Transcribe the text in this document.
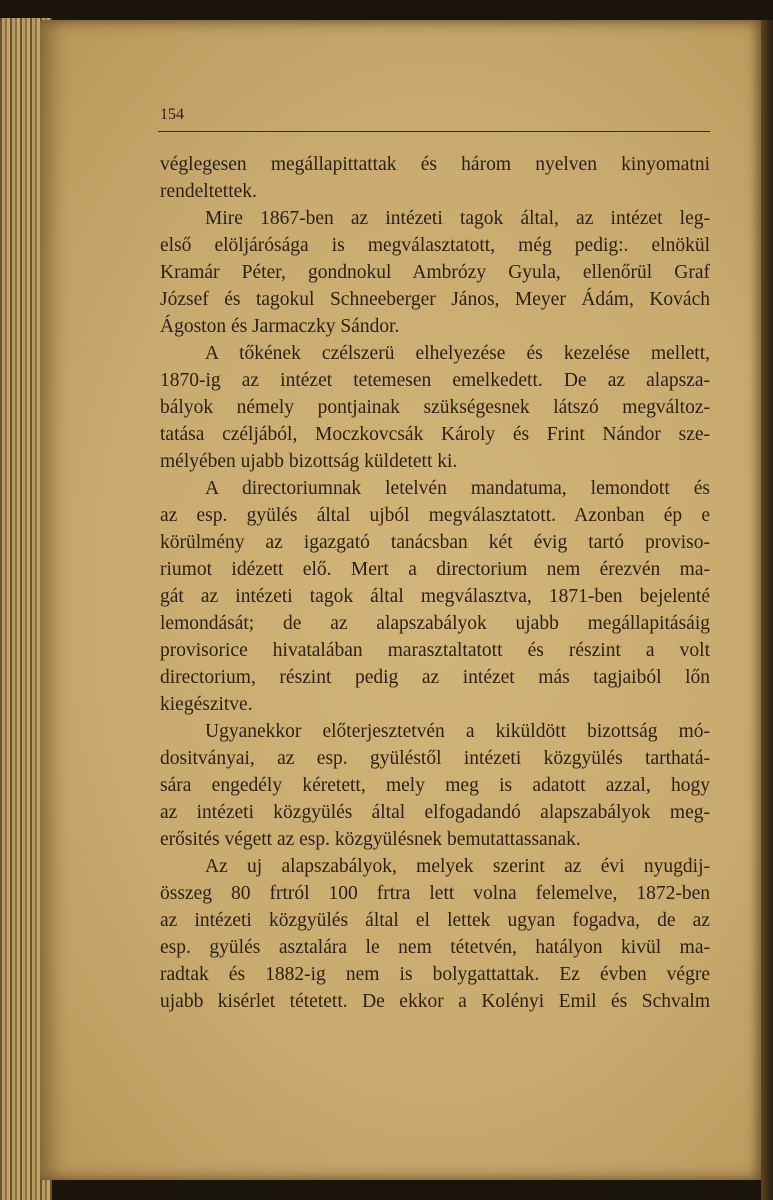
154
véglegesen megállapittattak és három nyelven kinyomatni
rendeltettek.
Mire 1867-ben az intézeti tagok által, az intézet leg-
első elöljárósága is megválasztatott, még pedig:. elnökül
Kramár Péter, gondnokul Ambrózy Gyula, ellenőrül Graf
József és tagokul Schneeberger János, Meyer Ádám, Kovách
Ágoston és Jarmaczky Sándor.
A tőkének czélszerü elhelyezése és kezelése mellett,
1870-ig az intézet tetemesen emelkedett. De az alapsza-
bályok némely pontjainak szükségesnek látszó megváltoz-
tatása czéljából, Moczkovcsák Károly és Frint Nándor sze-
mélyében ujabb bizottság küldetett ki.
A directoriumnak letelvén mandatuma, lemondott és
az esp. gyülés által ujból megválasztatott. Azonban ép e
körülmény az igazgató tanácsban két évig tartó proviso-
riumot idézett elő. Mert a directorium nem érezvén ma-
gát az intézeti tagok által megválasztva, 1871-ben bejelenté
lemondását; de az alapszabályok ujabb megállapitásáig
provisorice hivatalában marasztaltatott és részint a volt
directorium, részint pedig az intézet más tagjaiból lőn
kiegészitve.
Ugyanekkor előterjesztetvén a kiküldött bizottság mó-
dositványai, az esp. gyüléstől intézeti közgyülés tarthatá-
sára engedély kéretett, mely meg is adatott azzal, hogy
az intézeti közgyülés által elfogadandó alapszabályok meg-
erősités végett az esp. közgyülésnek bemutattassanak.
Az uj alapszabályok, melyek szerint az évi nyugdij-
összeg 80 frtról 100 frtra lett volna felemelve, 1872-ben
az intézeti közgyülés által el lettek ugyan fogadva, de az
esp. gyülés asztalára le nem tétetvén, hatályon kivül ma-
radtak és 1882-ig nem is bolygattattak. Ez évben végre
ujabb kisérlet tétetett. De ekkor a Kolényi Emil és Schvalm
